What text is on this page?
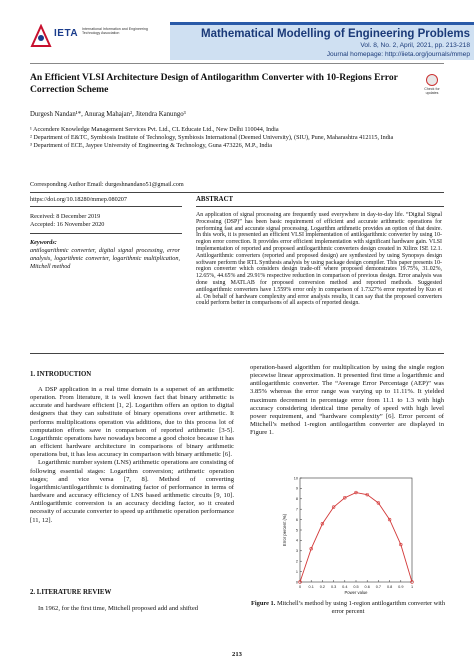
IETA International Information and Engineering Technology Association	Mathematical Modelling of Engineering Problems
Vol. 8, No. 2, April, 2021, pp. 213-218
Journal homepage: http://iieta.org/journals/mmep
An Efficient VLSI Architecture Design of Antilogarithm Converter with 10-Regions Error Correction Scheme	Check for updates
Durgesh Nandan¹*, Anurag Mahajan², Jitendra Kanungo³
¹ Accendere Knowledge Management Services Pvt. Ltd., CL Educate Ltd., New Delhi 110044, India
² Department of E&TC, Symbiosis Institute of Technology, Symbiosis International (Deemed University), (SIU), Pune, Maharashtra 412115, India
³ Department of ECE, Jaypee University of Engineering & Technology, Guna 473226, M.P., India
Corresponding Author Email: durgeshnandano51@gmail.com
https://doi.org/10.18280/mmep.080207	ABSTRACT
Received: 8 December 2019
Accepted: 16 November 2020
Keywords:
antilogarithmic converter, digital signal processing, error analysis, logarithmic converter, logarithmic multiplication, Mitchell method
An application of signal processing are frequently used everywhere in day-to-day life. “Digital Signal Processing (DSP)” has been basic requirement of efficient and accurate arithmetic operations for performing fast and accurate signal processing. Logarithm arithmetic provides an option of that desire. In this work, it is presented an efficient VLSI implementation of antilogarithmic converter by using 10-region error correction. It provides error efficient implementation with significant hardware gain. VLSI implementation of reported and proposed antilogarithmic converters design created in Xilinx ISE 12.1. Antilogarithmic converters (reported and proposed design) are synthesized by using Synopsys design software perform the RTL Synthesis analysis by using package design compiler. This paper presents 10- region converter which considers design trade-off where proposed demonstrates 19.75%, 31.02%, 12.65%, 44.65% and 29.91% respective reduction in comparison of previous design. Error analysis was done using MATLAB for proposed conversion method and reported methods. Suggested antilogarithmic converters have 1.559% error only in comparison of 1.7327% error reported by Kuo et al. On behalf of hardware complexity and error analysis results, it can say that the proposed converters could perform better in comparisons of all aspects of reported design.
1. INTRODUCTION

A DSP application in a real time domain is a superset of an arithmetic operation. From literature, it is well known fact that binary arithmetic is accurate and hardware efficient [1, 2]. Logarithm offers an option to digital designers that they can substitute of binary operations over arithmetic. It performs multiplications operation via additions, due to this process lot of computation efforts save in comparison of reported arithmetic [3-5]. Logarithmic operations have nowadays become a good choice because it has an efficient hardware architecture in comparisons of binary arithmetic operations but, it has less accuracy in comparison with binary arithmetic [6].

Logarithmic number system (LNS) arithmetic operations are consisting of following essential stages: Logarithm conversion; arithmetic operation stages; and vice versa [7, 8]. Method of converting logarithmic/antilogarithmic is dominating factor of performance in terms of hardware and accuracy efficiency of LNS based arithmetic circuits [9, 10]. Antilogarithmic conversion is an accuracy deciding factor, so it created necessity of accurate converter to speed up arithmetic operation performance [11, 12].

2. LITERATURE REVIEW

In 1962, for the first time, Mitchell proposed add and shifted

operation-based algorithm for multiplication by using the single region piecewise linear approximation. It presented first time a logarithmic and antilogarithmic converter. The “Average Error Percentage (AEP)” was 3.85% whereas the error range was varying up to 11.11%. It yielded maximum decrement in percentage error from 11.1 to 1.3 with high accuracy considering identical time penalty of speed with high level power requirement, and “hardware complexity” [6]. Error percent of Mitchell’s method 1-region antilogarithm converter are displayed in Figure 1.
0 0.1 0.2 0.3 0.4 0.5 0.6 0.7 0.8 0.9 1
0
1
2
3
4
5
6
7
8
9
10
Power value
Error percent (%)
Figure 1. Mitchell’s method by using 1-region antilogarithm converter with error percent
213
